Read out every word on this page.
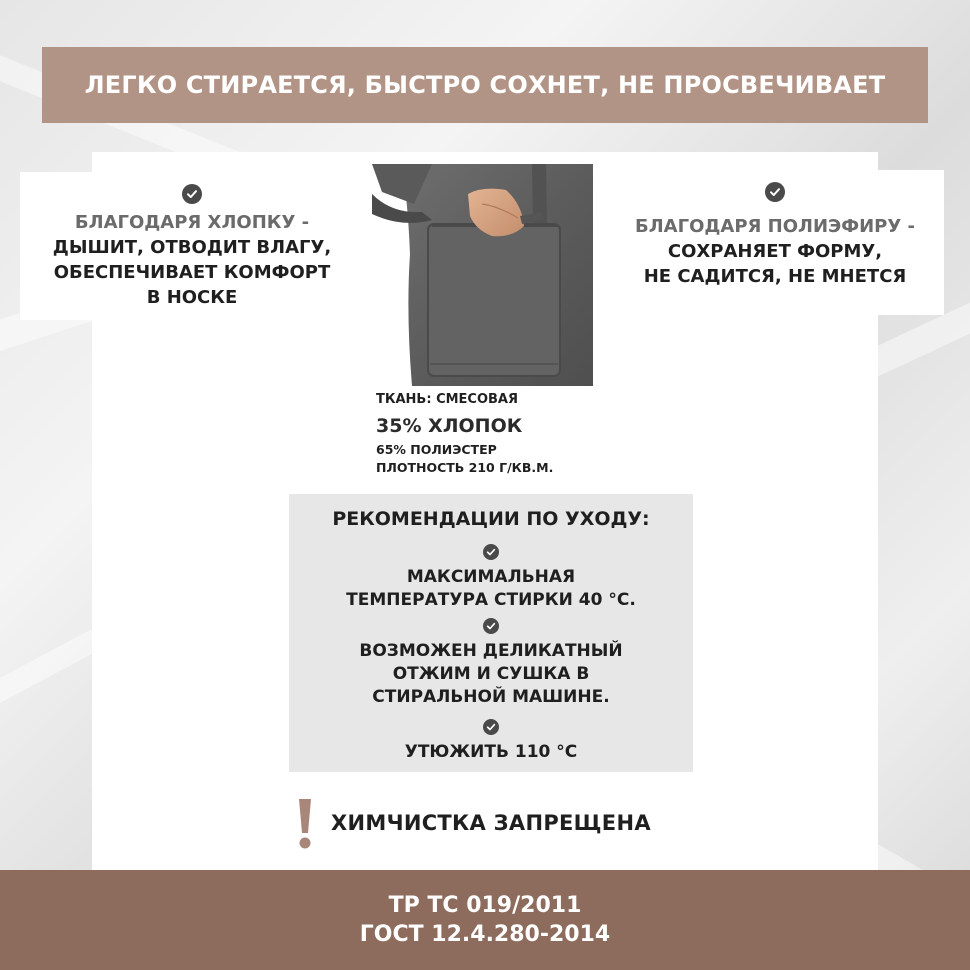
ЛЕГКО СТИРАЕТСЯ, БЫСТРО СОХНЕТ, НЕ ПРОСВЕЧИВАЕТ
БЛАГОДАРЯ ХЛОПКУ -
ДЫШИТ, ОТВОДИТ ВЛАГУ,
ОБЕСПЕЧИВАЕТ КОМФОРТ
В НОСКЕ
БЛАГОДАРЯ ПОЛИЭФИРУ -
СОХРАНЯЕТ ФОРМУ,
НЕ САДИТСЯ, НЕ МНЕТСЯ
ТКАНЬ: СМЕСОВАЯ
35% ХЛОПОК
65% ПОЛИЭСТЕР
ПЛОТНОСТЬ 210 Г/КВ.М.
РЕКОМЕНДАЦИИ ПО УХОДУ:
МАКСИМАЛЬНАЯ
ТЕМПЕРАТУРА СТИРКИ 40 °С.
ВОЗМОЖЕН ДЕЛИКАТНЫЙ
ОТЖИМ И СУШКА В
СТИРАЛЬНОЙ МАШИНЕ.
УТЮЖИТЬ 110 °С
ХИМЧИСТКА ЗАПРЕЩЕНА
ТР ТС 019/2011
ГОСТ 12.4.280-2014
